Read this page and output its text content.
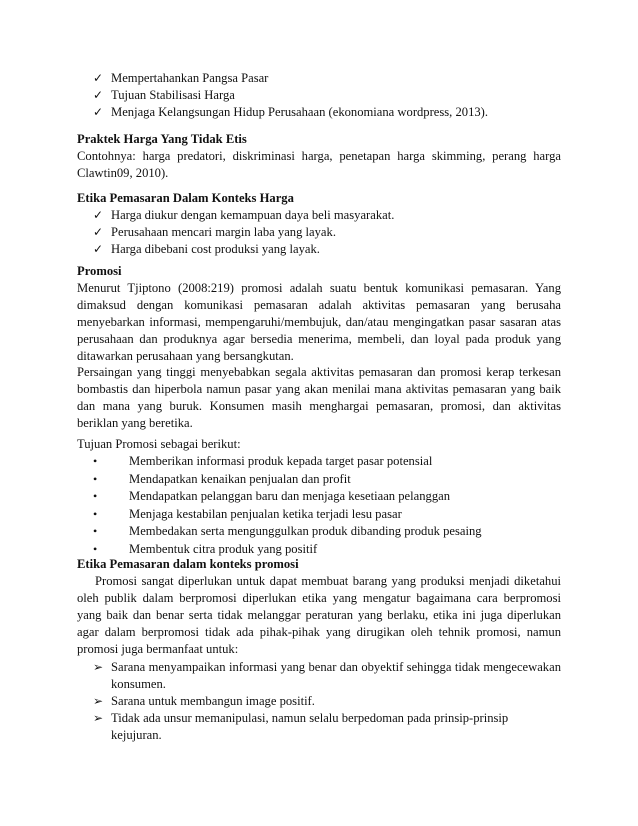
✓ Mempertahankan Pangsa Pasar
✓ Tujuan Stabilisasi Harga
✓ Menjaga Kelangsungan Hidup Perusahaan (ekonomiana wordpress, 2013).
Praktek Harga Yang Tidak Etis
Contohnya: harga predatori, diskriminasi harga, penetapan harga skimming, perang harga Clawtin09, 2010).
Etika Pemasaran Dalam Konteks Harga
✓ Harga diukur dengan kemampuan daya beli masyarakat.
✓ Perusahaan mencari margin laba yang layak.
✓ Harga dibebani cost produksi yang layak.
Promosi
Menurut Tjiptono (2008:219) promosi adalah suatu bentuk komunikasi pemasaran. Yang dimaksud dengan komunikasi pemasaran adalah aktivitas pemasaran yang berusaha menyebarkan informasi, mempengaruhi/membujuk, dan/atau mengingatkan pasar sasaran atas perusahaan dan produknya agar bersedia menerima, membeli, dan loyal pada produk yang ditawarkan perusahaan yang bersangkutan.
Persaingan yang tinggi menyebabkan segala aktivitas pemasaran dan promosi kerap terkesan bombastis dan hiperbola namun pasar yang akan menilai mana aktivitas pemasaran yang baik dan mana yang buruk. Konsumen masih menghargai pemasaran, promosi, dan aktivitas beriklan yang beretika.
Tujuan Promosi sebagai berikut:
•	Memberikan informasi produk kepada target pasar potensial
•	Mendapatkan kenaikan penjualan dan profit
•	Mendapatkan pelanggan baru dan menjaga kesetiaan pelanggan
•	Menjaga kestabilan penjualan ketika terjadi lesu pasar
•	Membedakan serta mengunggulkan produk dibanding produk pesaing
•	Membentuk citra produk yang positif
Etika Pemasaran dalam konteks promosi
Promosi sangat diperlukan untuk dapat membuat barang yang produksi menjadi diketahui oleh publik dalam berpromosi diperlukan etika yang mengatur bagaimana cara berpromosi yang baik dan benar serta tidak melanggar peraturan yang berlaku, etika ini juga diperlukan agar dalam berpromosi tidak ada pihak-pihak yang dirugikan oleh tehnik promosi, namun promosi juga bermanfaat untuk:
➢ Sarana menyampaikan informasi yang benar dan obyektif sehingga tidak mengecewakan konsumen.
➢ Sarana untuk membangun image positif.
➢ Tidak ada unsur memanipulasi, namun selalu berpedoman pada prinsip-prinsip kejujuran.
